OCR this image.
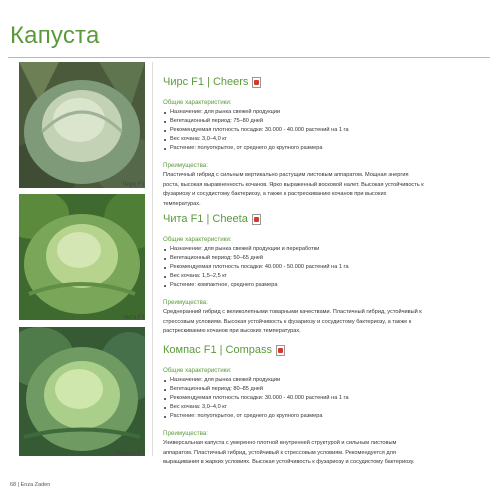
Капуста
Чирс F1
Чита F1
Компас F1
Чирс F1 | Cheers
Общие характеристики:
Назначение: для рынка свежей продукции
Вегетационный период: 75–80 дней
Рекомендуемая плотность посадки: 30.000 - 40.000 растений на 1 га
Вес кочана: 3,0–4,0 кг
Растение: полуоткрытое, от среднего до крупного размера
Преимущества:

Пластичный гибрид с сильным вертикально растущим листовым аппаратом. Мощная энергия роста, высокая выравненность кочанов. Ярко выраженный восковой налет. Высокая устойчивость к фузариозу и сосудистому бактериозу, а также к растрескиванию кочанов при высоких температурах.

Чита F1 | Cheeta
Общие характеристики:
Назначение: для рынка свежей продукции и переработки
Вегетационный период: 50–65 дней
Рекомендуемая плотность посадки: 40.000 - 50.000 растений на 1 га
Вес кочана: 1,5–2,5 кг
Растение: компактное, среднего размера
Преимущества:

Среднеранний гибрид с великолепными товарными качествами. Пластичный гибрид, устойчивый к стрессовым условиям. Высокая устойчивость к фузариозу и сосудистому бактериозу, а также к растрескиванию кочанов при высоких температурах.

Компас F1 | Compass
Общие характеристики:
Назначение: для рынка свежей продукции
Вегетационный период: 80–85 дней
Рекомендуемая плотность посадки: 30.000 - 40.000 растений на 1 га
Вес кочана: 3,0–4,0 кг
Растение: полуоткрытое, от среднего до крупного размера
Преимущества:

Универсальная капуста с умеренно плотной внутренней структурой и сильным листовым аппаратом. Пластичный гибрид, устойчивый к стрессовым условиям. Рекомендуется для выращивания в жарких условиях. Высокая устойчивость к фузариозу и сосудистому бактериозу.

68 | Enza Zaden
